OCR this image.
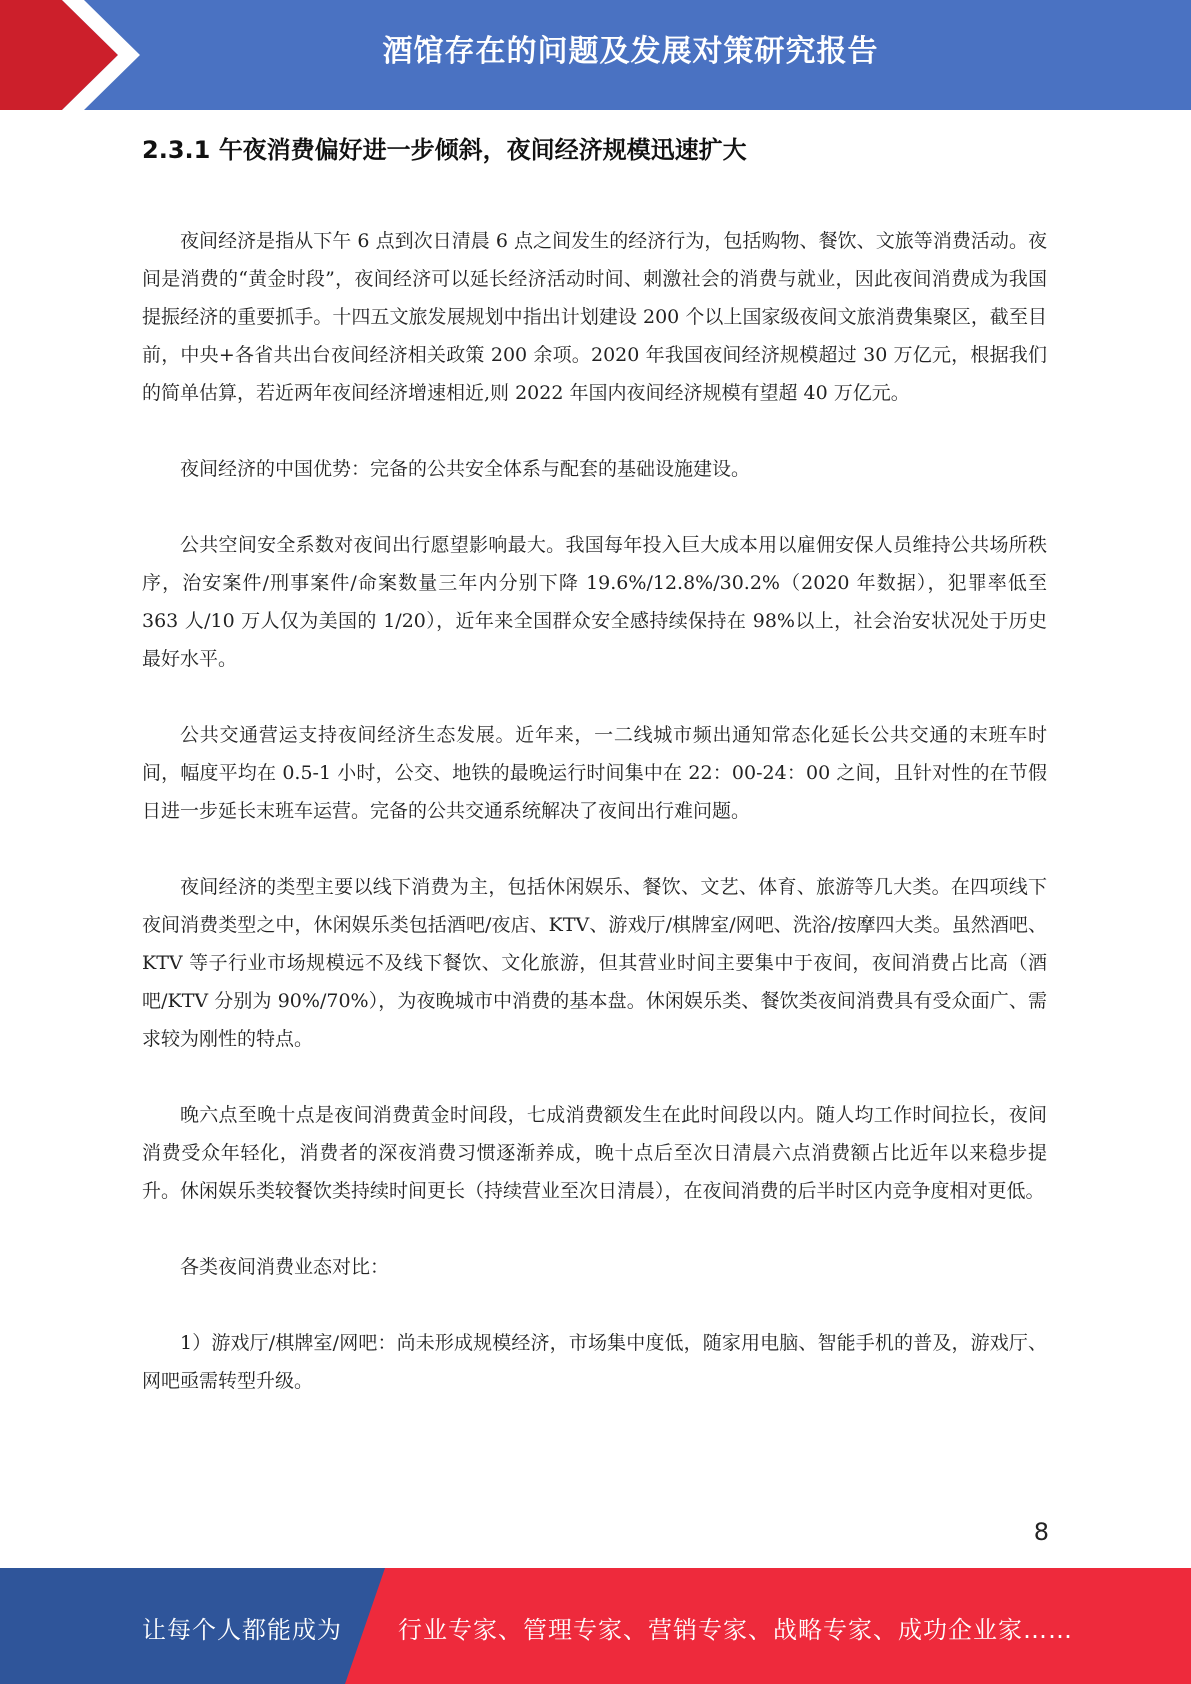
酒馆存在的问题及发展对策研究报告
2.3.1 午夜消费偏好进一步倾斜，夜间经济规模迅速扩大

夜间经济是指从下午 6 点到次日清晨 6 点之间发生的经济行为，包括购物、餐饮、文旅等消费活动。夜间是消费的“黄金时段”，夜间经济可以延长经济活动时间、刺激社会的消费与就业，因此夜间消费成为我国提振经济的重要抓手。十四五文旅发展规划中指出计划建设 200 个以上国家级夜间文旅消费集聚区，截至目前，中央+各省共出台夜间经济相关政策 200 余项。2020 年我国夜间经济规模超过 30 万亿元，根据我们的简单估算，若近两年夜间经济增速相近,则 2022 年国内夜间经济规模有望超 40 万亿元。

夜间经济的中国优势：完备的公共安全体系与配套的基础设施建设。

公共空间安全系数对夜间出行愿望影响最大。我国每年投入巨大成本用以雇佣安保人员维持公共场所秩序，治安案件/刑事案件/命案数量三年内分别下降 19.6%/12.8%/30.2%（2020 年数据），犯罪率低至 363 人/10 万人仅为美国的 1/20），近年来全国群众安全感持续保持在 98%以上，社会治安状况处于历史最好水平。

公共交通营运支持夜间经济生态发展。近年来，一二线城市频出通知常态化延长公共交通的末班车时间，幅度平均在 0.5-1 小时，公交、地铁的最晚运行时间集中在 22：00-24：00 之间，且针对性的在节假日进一步延长末班车运营。完备的公共交通系统解决了夜间出行难问题。

夜间经济的类型主要以线下消费为主，包括休闲娱乐、餐饮、文艺、体育、旅游等几大类。在四项线下夜间消费类型之中，休闲娱乐类包括酒吧/夜店、KTV、游戏厅/棋牌室/网吧、洗浴/按摩四大类。虽然酒吧、KTV 等子行业市场规模远不及线下餐饮、文化旅游，但其营业时间主要集中于夜间，夜间消费占比高（酒吧/KTV 分别为 90%/70%），为夜晚城市中消费的基本盘。休闲娱乐类、餐饮类夜间消费具有受众面广、需求较为刚性的特点。

晚六点至晚十点是夜间消费黄金时间段，七成消费额发生在此时间段以内。随人均工作时间拉长，夜间消费受众年轻化，消费者的深夜消费习惯逐渐养成，晚十点后至次日清晨六点消费额占比近年以来稳步提升。休闲娱乐类较餐饮类持续时间更长（持续营业至次日清晨），在夜间消费的后半时区内竞争度相对更低。

各类夜间消费业态对比：

1）游戏厅/棋牌室/网吧：尚未形成规模经济，市场集中度低，随家用电脑、智能手机的普及，游戏厅、网吧亟需转型升级。

8
让每个人都能成为 行业专家、管理专家、营销专家、战略专家、成功企业家……
